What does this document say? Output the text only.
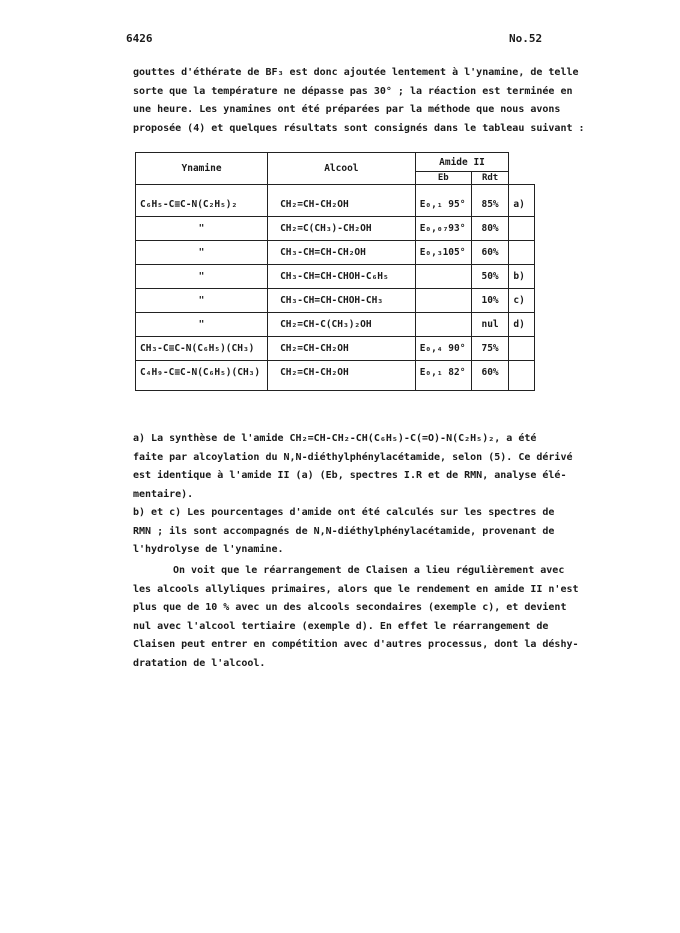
6426	No.52
gouttes d'éthérate de BF₃ est donc ajoutée lentement à l'ynamine, de telle
sorte que la température ne dépasse pas 30° ; la réaction est terminée en
une heure. Les ynamines ont été préparées par la méthode que nous avons
proposée (4) et quelques résultats sont consignés dans le tableau suivant :
Ynamine	Alcool	Amide II		
		Eb	Rdt	
C₆H₅-C≡C-N(C₂H₅)₂	CH₂=CH-CH₂OH	E₀,₁ 95°	85%	a)
"	CH₂=C(CH₃)-CH₂OH	E₀,₀₇93°	80%	
"	CH₃-CH=CH-CH₂OH	E₀,₃105°	60%	
"	CH₃-CH=CH-CHOH-C₆H₅		50%	b)
"	CH₃-CH=CH-CHOH-CH₃		10%	c)
"	CH₂=CH-C(CH₃)₂OH		nul	d)
CH₃-C≡C-N(C₆H₅)(CH₃)	CH₂=CH-CH₂OH	E₀,₄ 90°	75%	
C₄H₉-C≡C-N(C₆H₅)(CH₃)	CH₂=CH-CH₂OH	E₀,₁ 82°	60%	
a) La synthèse de l'amide CH₂=CH-CH₂-CH(C₆H₅)-C(=O)-N(C₂H₅)₂, a été
faite par alcoylation du N,N-diéthylphénylacétamide, selon (5). Ce dérivé
est identique à l'amide II (a) (Eb, spectres I.R et de RMN, analyse élé-
mentaire).
b) et c) Les pourcentages d'amide ont été calculés sur les spectres de
RMN ; ils sont accompagnés de N,N-diéthylphénylacétamide, provenant de
l'hydrolyse de l'ynamine.
On voit que le réarrangement de Claisen a lieu régulièrement avec
les alcools allyliques primaires, alors que le rendement en amide II n'est
plus que de 10 % avec un des alcools secondaires (exemple c), et devient
nul avec l'alcool tertiaire (exemple d). En effet le réarrangement de
Claisen peut entrer en compétition avec d'autres processus, dont la déshy-
dratation de l'alcool.
